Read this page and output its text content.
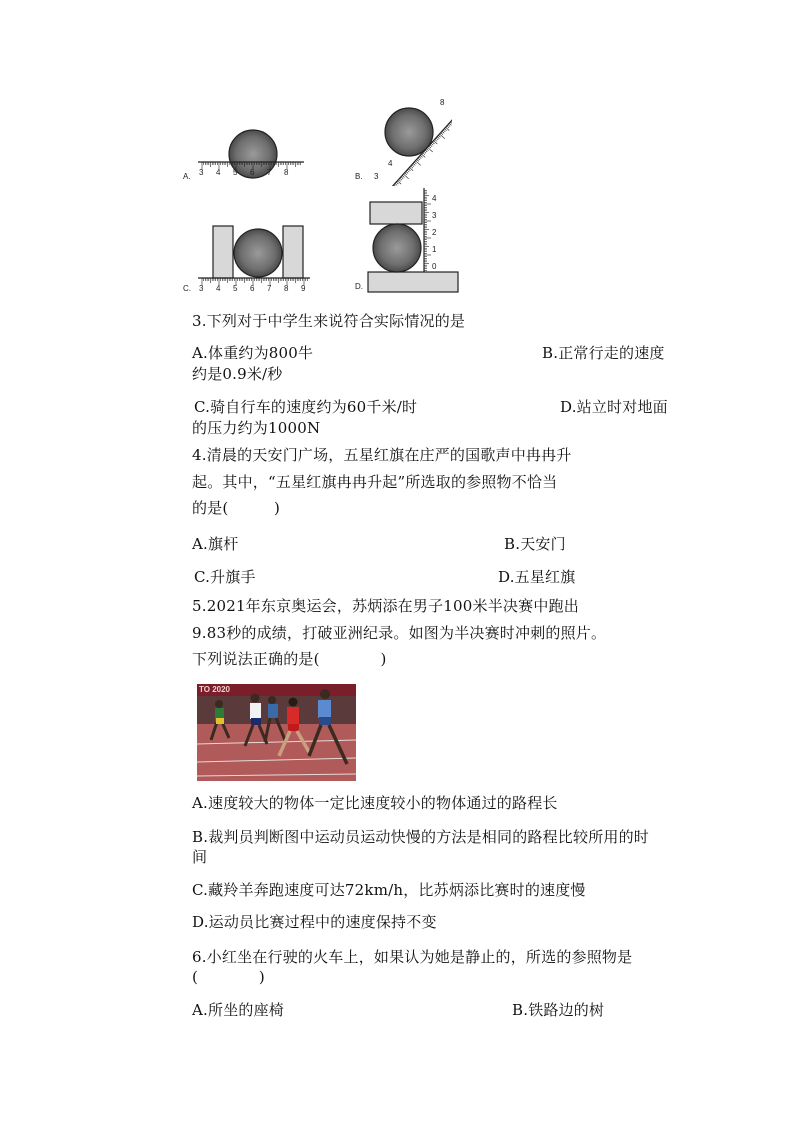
A. 3 4 5 6 7 8	B. 3
4
8
C. 3 4 5 6 7 8 9	D.
0
1
2
3
4
3.下列对于中学生来说符合实际情况的是
A.体重约为800牛	B.正常行走的速度
约是0.9米/秒
C.骑自行车的速度约为60千米/时	D.站立时对地面
的压力约为1000N
4.清晨的天安门广场，五星红旗在庄严的国歌声中冉冉升
起。其中，“五星红旗冉冉升起”所选取的参照物不恰当
的是(　　　)
A.旗杆	B.天安门
C.升旗手	D.五星红旗
5.2021年东京奥运会，苏炳添在男子100米半决赛中跑出
9.83秒的成绩，打破亚洲纪录。如图为半决赛时冲刺的照片。
下列说法正确的是(　　　　)
TO 2020
A.速度较大的物体一定比速度较小的物体通过的路程长
B.裁判员判断图中运动员运动快慢的方法是相同的路程比较所用的时
间
C.藏羚羊奔跑速度可达72km/h，比苏炳添比赛时的速度慢
D.运动员比赛过程中的速度保持不变
6.小红坐在行驶的火车上，如果认为她是静止的，所选的参照物是
(　　　　)
A.所坐的座椅	B.铁路边的树
